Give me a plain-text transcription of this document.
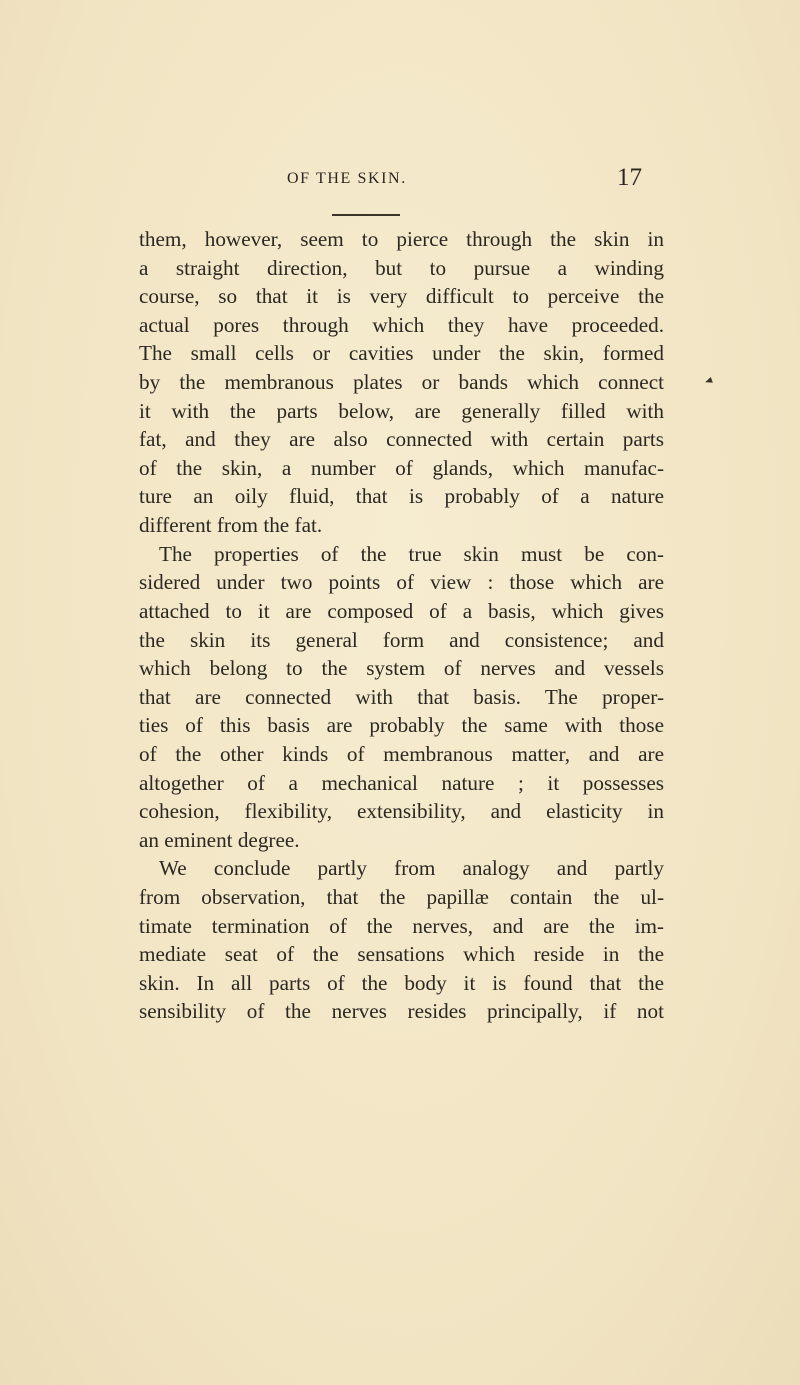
OF THE SKIN.	17
them, however, seem to pierce through the skin in
a straight direction, but to pursue a winding
course, so that it is very difficult to perceive the
actual pores through which they have proceeded.
The small cells or cavities under the skin, formed
by the membranous plates or bands which connect
it with the parts below, are generally filled with
fat, and they are also connected with certain parts
of the skin, a number of glands, which manufac-
ture an oily fluid, that is probably of a nature
different from the fat.
The properties of the true skin must be con-
sidered under two points of view : those which are
attached to it are composed of a basis, which gives
the skin its general form and consistence; and
which belong to the system of nerves and vessels
that are connected with that basis. The proper-
ties of this basis are probably the same with those
of the other kinds of membranous matter, and are
altogether of a mechanical nature ; it possesses
cohesion, flexibility, extensibility, and elasticity in
an eminent degree.
We conclude partly from analogy and partly
from observation, that the papillæ contain the ul-
timate termination of the nerves, and are the im-
mediate seat of the sensations which reside in the
skin. In all parts of the body it is found that the
sensibility of the nerves resides principally, if not
